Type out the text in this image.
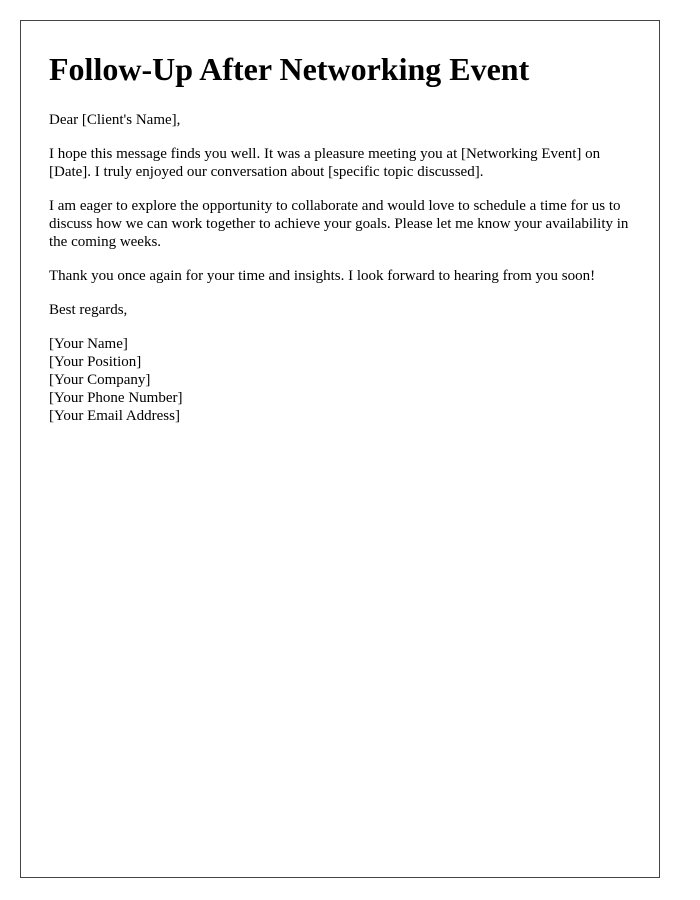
Follow-Up After Networking Event

Dear [Client's Name],

I hope this message finds you well. It was a pleasure meeting you at [Networking Event] on [Date]. I truly enjoyed our conversation about [specific topic discussed].

I am eager to explore the opportunity to collaborate and would love to schedule a time for us to discuss how we can work together to achieve your goals. Please let me know your availability in the coming weeks.

Thank you once again for your time and insights. I look forward to hearing from you soon!

Best regards,

[Your Name]
[Your Position]
[Your Company]
[Your Phone Number]
[Your Email Address]
